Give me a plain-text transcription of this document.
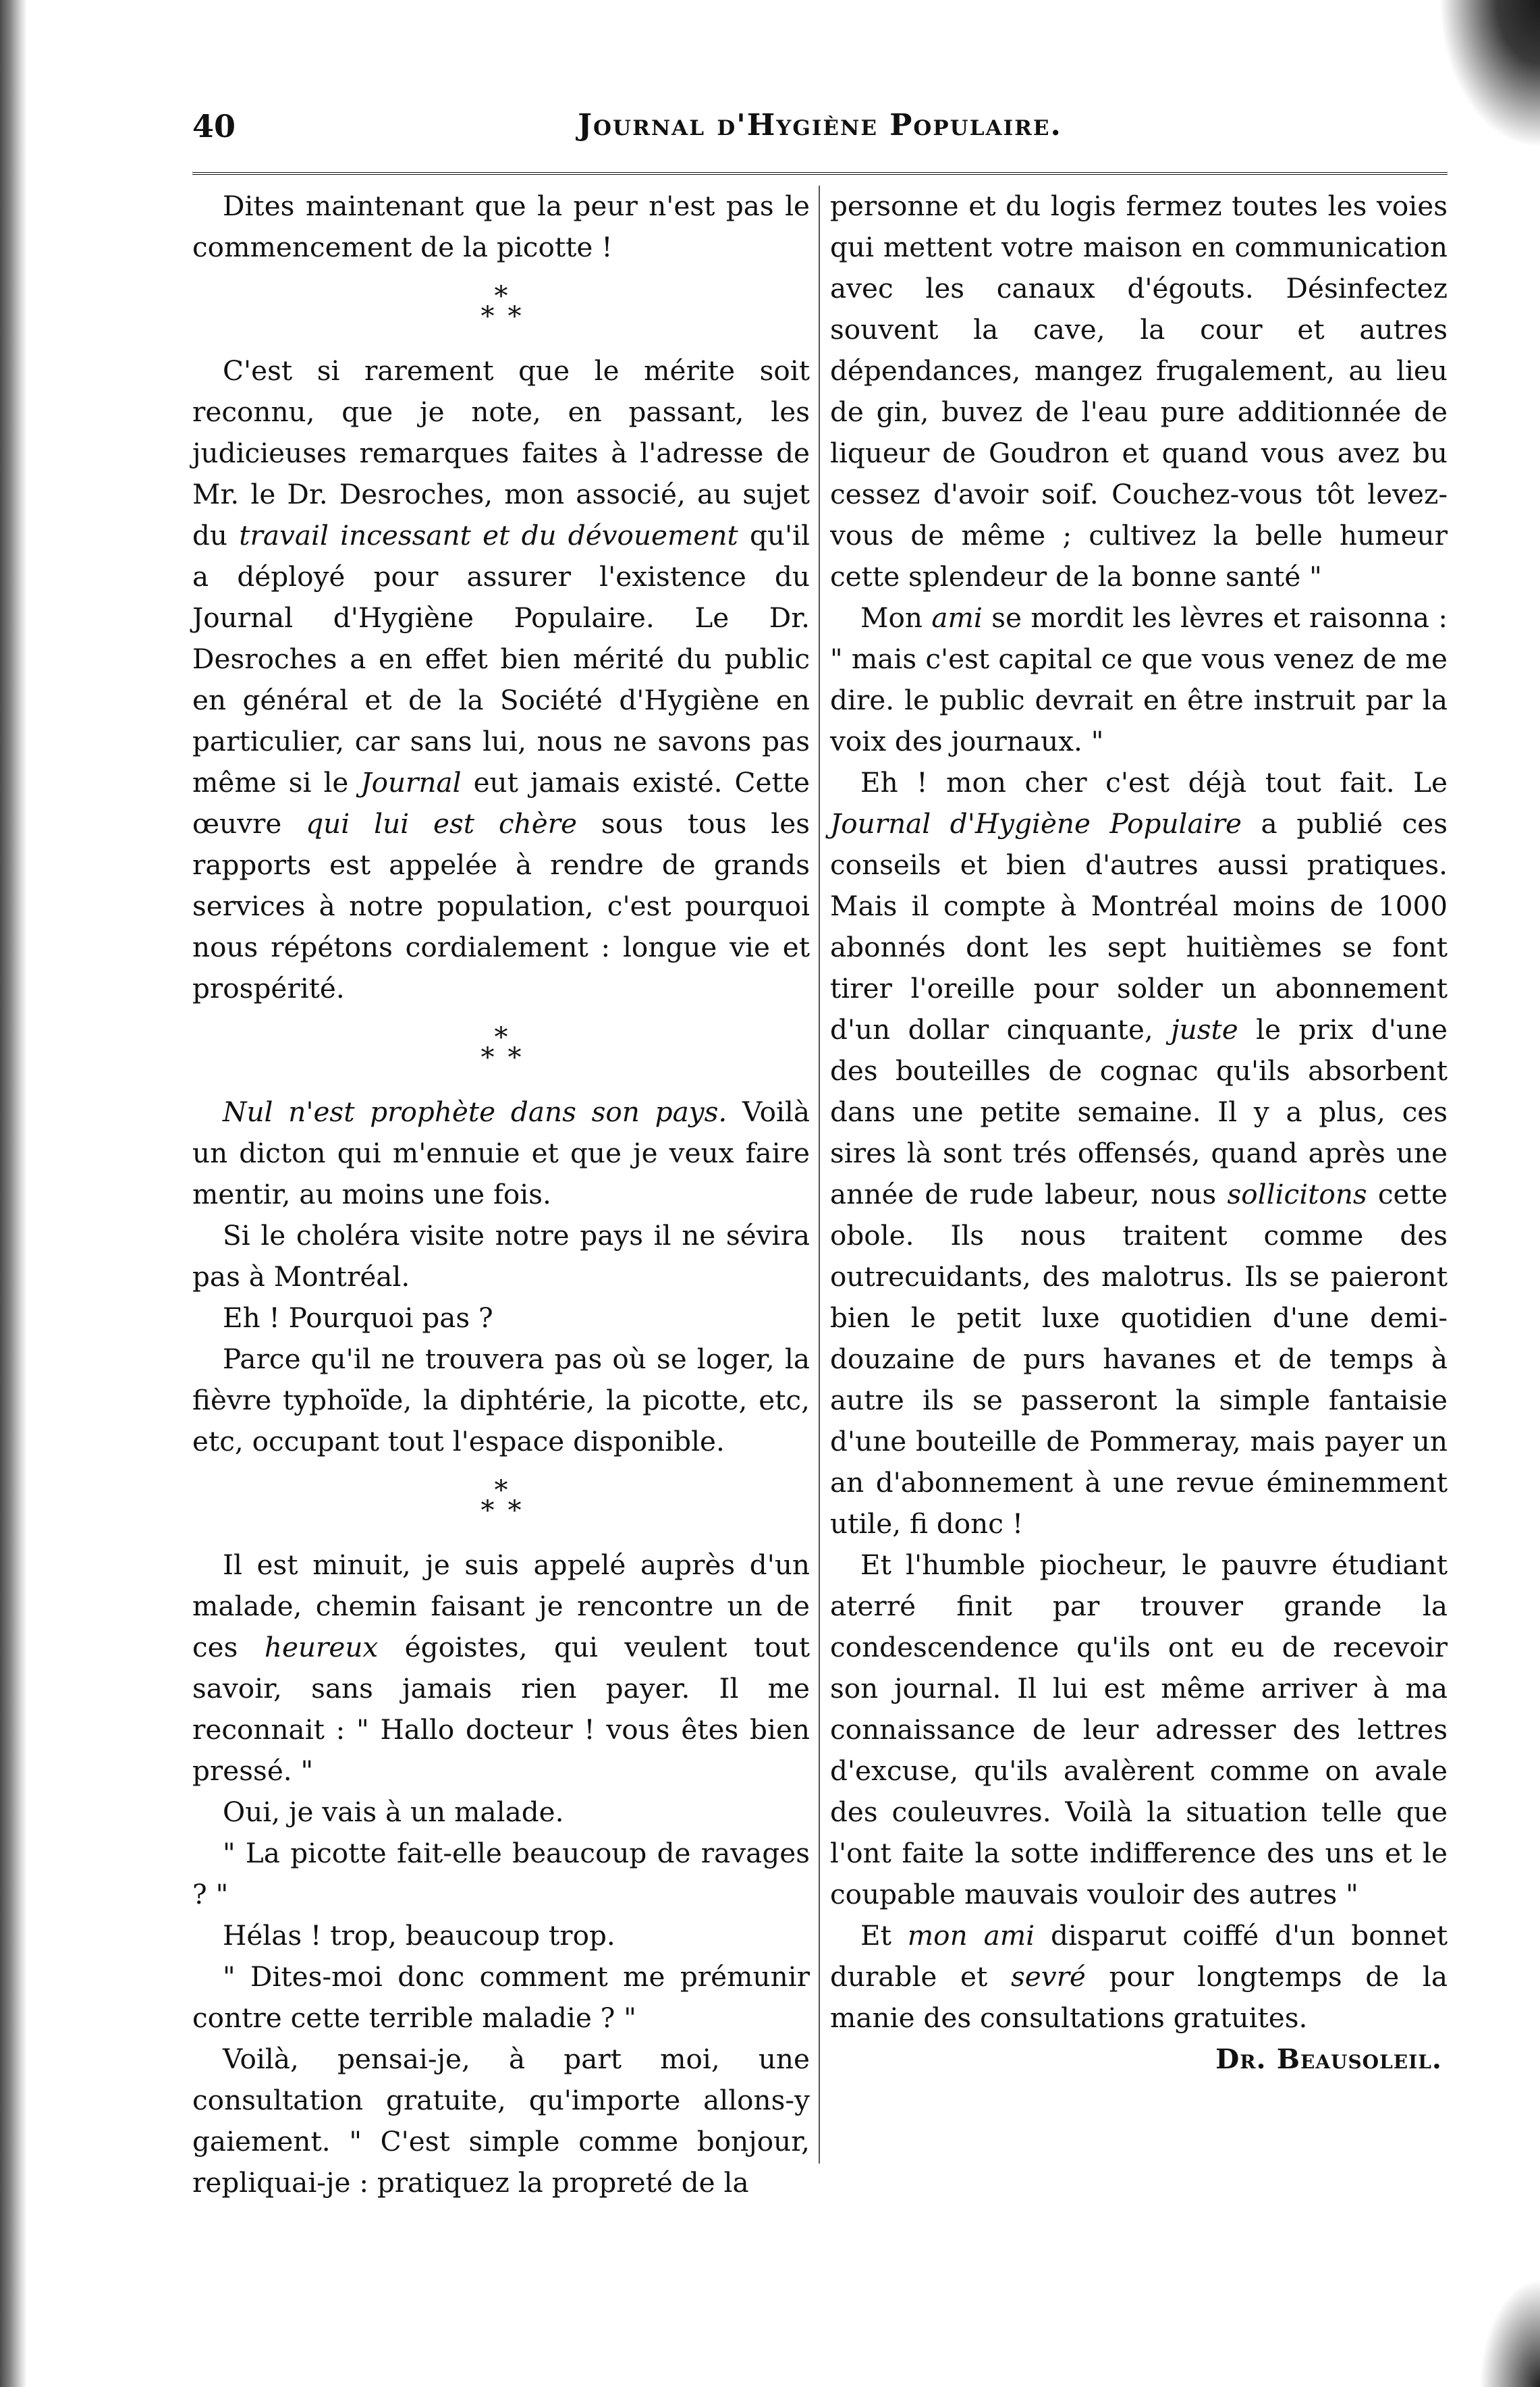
40	Journal d'Hygiène Populaire.

Dites maintenant que la peur n'est pas le commencement de la picotte !

*
* *

C'est si rarement que le mérite soit reconnu, que je note, en passant, les judicieuses remarques faites à l'adresse de Mr. le Dr. Desroches, mon associé, au sujet du travail incessant et du dévouement qu'il a déployé pour assurer l'existence du Journal d'Hygiène Populaire. Le Dr. Desroches a en effet bien mérité du public en général et de la Société d'Hygiène en particulier, car sans lui, nous ne savons pas même si le Journal eut jamais existé. Cette œuvre qui lui est chère sous tous les rapports est appelée à rendre de grands services à notre population, c'est pourquoi nous répétons cordialement : longue vie et prospérité.

*
* *

Nul n'est prophète dans son pays. Voilà un dicton qui m'ennuie et que je veux faire mentir, au moins une fois.

Si le choléra visite notre pays il ne sévira pas à Montréal.

Eh ! Pourquoi pas ?

Parce qu'il ne trouvera pas où se loger, la fièvre typhoïde, la diphtérie, la picotte, etc, etc, occupant tout l'espace disponible.

*
* *

Il est minuit, je suis appelé auprès d'un malade, chemin faisant je rencontre un de ces heureux égoistes, qui veulent tout savoir, sans jamais rien payer. Il me reconnait : " Hallo docteur ! vous êtes bien pressé. "

Oui, je vais à un malade.

" La picotte fait-elle beaucoup de ravages ? "

Hélas ! trop, beaucoup trop.

" Dites-moi donc comment me prémunir contre cette terrible maladie ? "

Voilà, pensai-je, à part moi, une consultation gratuite, qu'importe allons-y gaiement. " C'est simple comme bonjour, repliquai-je : pratiquez la propreté de la

personne et du logis fermez toutes les voies qui mettent votre maison en communication avec les canaux d'égouts. Désinfectez souvent la cave, la cour et autres dépendances, mangez frugalement, au lieu de gin, buvez de l'eau pure additionnée de liqueur de Goudron et quand vous avez bu cessez d'avoir soif. Couchez-vous tôt levez-vous de même ; cultivez la belle humeur cette splendeur de la bonne santé "

Mon ami se mordit les lèvres et raisonna : " mais c'est capital ce que vous venez de me dire. le public devrait en être instruit par la voix des journaux. "

Eh ! mon cher c'est déjà tout fait. Le Journal d'Hygiène Populaire a publié ces conseils et bien d'autres aussi pratiques. Mais il compte à Montréal moins de 1000 abonnés dont les sept huitièmes se font tirer l'oreille pour solder un abonnement d'un dollar cinquante, juste le prix d'une des bouteilles de cognac qu'ils absorbent dans une petite semaine. Il y a plus, ces sires là sont trés offensés, quand après une année de rude labeur, nous sollicitons cette obole. Ils nous traitent comme des outrecuidants, des malotrus. Ils se paieront bien le petit luxe quotidien d'une demi-douzaine de purs havanes et de temps à autre ils se passeront la simple fantaisie d'une bouteille de Pommeray, mais payer un an d'abonnement à une revue éminemment utile, fi donc !

Et l'humble piocheur, le pauvre étudiant aterré finit par trouver grande la condescendence qu'ils ont eu de recevoir son journal. Il lui est même arriver à ma connaissance de leur adresser des lettres d'excuse, qu'ils avalèrent comme on avale des couleuvres. Voilà la situation telle que l'ont faite la sotte indifference des uns et le coupable mauvais vouloir des autres "

Et mon ami disparut coiffé d'un bonnet durable et sevré pour longtemps de la manie des consultations gratuites.

Dr. Beausoleil.
